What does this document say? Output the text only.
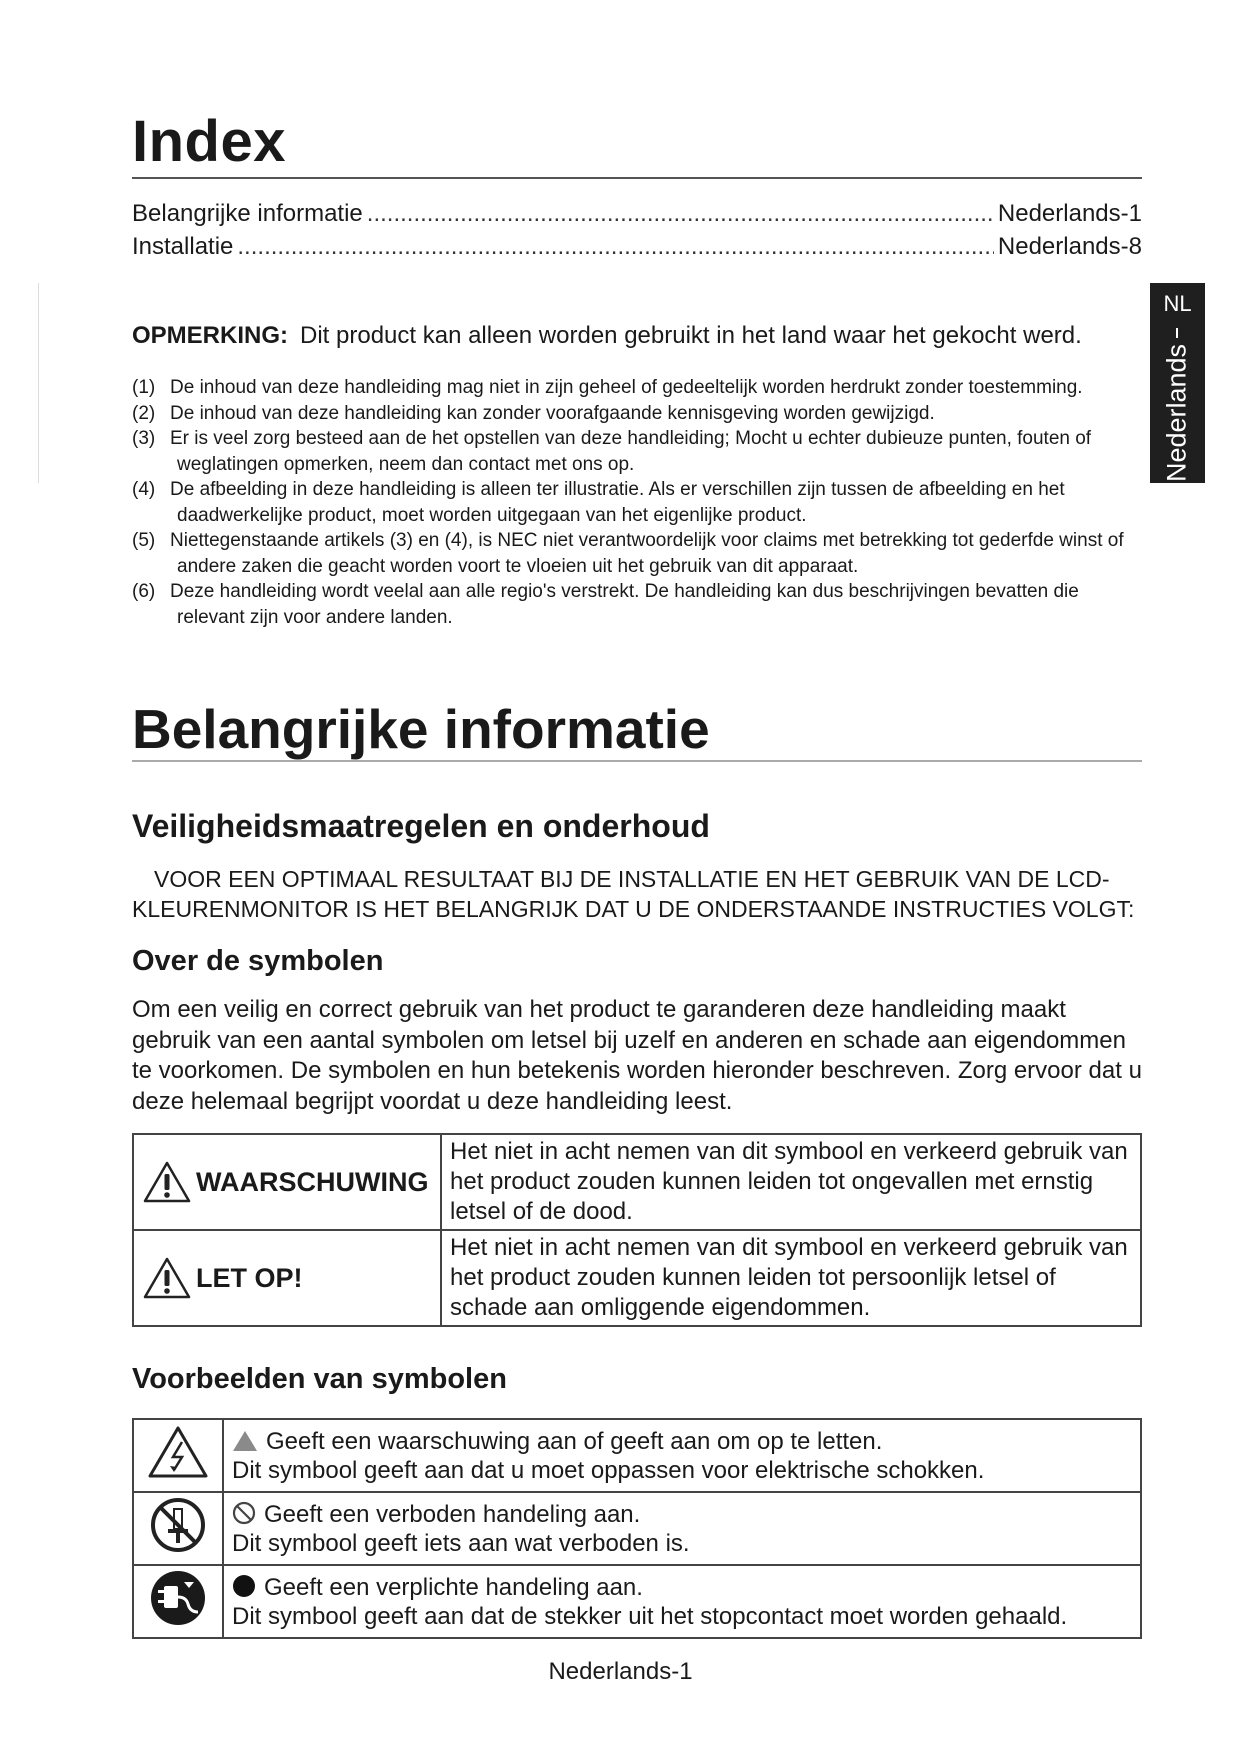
Index
Belangrijke informatie .....	Nederlands-1
Installatie .....	Nederlands-8
NL
Nederlands
OPMERKING: Dit product kan alleen worden gebruikt in het land waar het gekocht werd.
(1) De inhoud van deze handleiding mag niet in zijn geheel of gedeeltelijk worden herdrukt zonder toestemming.
(2) De inhoud van deze handleiding kan zonder voorafgaande kennisgeving worden gewijzigd.
(3) Er is veel zorg besteed aan de het opstellen van deze handleiding; Mocht u echter dubieuze punten, fouten of weglatingen opmerken, neem dan contact met ons op.
(4) De afbeelding in deze handleiding is alleen ter illustratie. Als er verschillen zijn tussen de afbeelding en het daadwerkelijke product, moet worden uitgegaan van het eigenlijke product.
(5) Niettegenstaande artikels (3) en (4), is NEC niet verantwoordelijk voor claims met betrekking tot gederfde winst of andere zaken die geacht worden voort te vloeien uit het gebruik van dit apparaat.
(6) Deze handleiding wordt veelal aan alle regio's verstrekt. De handleiding kan dus beschrijvingen bevatten die relevant zijn voor andere landen.
Belangrijke informatie
Veiligheidsmaatregelen en onderhoud

VOOR EEN OPTIMAAL RESULTAAT BIJ DE INSTALLATIE EN HET GEBRUIK VAN DE LCD-KLEURENMONITOR IS HET BELANGRIJK DAT U DE ONDERSTAANDE INSTRUCTIES VOLGT:

Over de symbolen

Om een veilig en correct gebruik van het product te garanderen deze handleiding maakt gebruik van een aantal symbolen om letsel bij uzelf en anderen en schade aan eigendommen te voorkomen. De symbolen en hun betekenis worden hieronder beschreven. Zorg ervoor dat u deze helemaal begrijpt voordat u deze handleiding leest.

WAARSCHUWING	Het niet in acht nemen van dit symbool en verkeerd gebruik van het product zouden kunnen leiden tot ongevallen met ernstig letsel of de dood.

LET OP!	Het niet in acht nemen van dit symbool en verkeerd gebruik van het product zouden kunnen leiden tot persoonlijk letsel of schade aan omliggende eigendommen.
Voorbeelden van symbolen

Geeft een waarschuwing aan of geeft aan om op te letten.
Dit symbool geeft aan dat u moet oppassen voor elektrische schokken.

Geeft een verboden handeling aan.
Dit symbool geeft iets aan wat verboden is.

Geeft een verplichte handeling aan.
Dit symbool geeft aan dat de stekker uit het stopcontact moet worden gehaald.
Nederlands-1
